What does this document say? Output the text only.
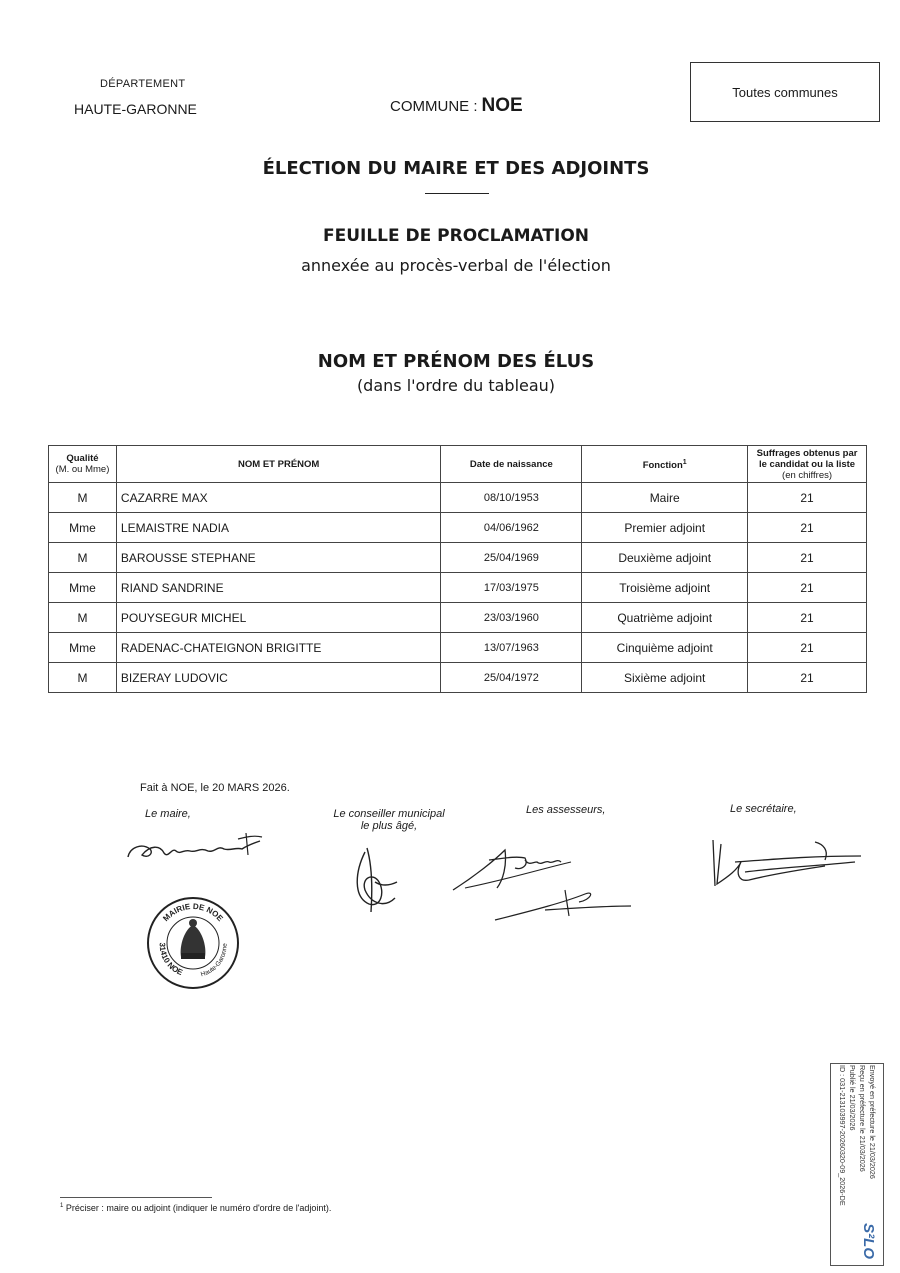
DÉPARTEMENT
HAUTE-GARONNE	COMMUNE : NOE
Toutes communes
ÉLECTION DU MAIRE ET DES ADJOINTS
FEUILLE DE PROCLAMATION
annexée au procès-verbal de l'élection
NOM ET PRÉNOM DES ÉLUS
(dans l'ordre du tableau)
Qualité
(M. ou Mme)	NOM ET PRÉNOM	Date de naissance	Fonction$^1$	Suffrages obtenus par
le candidat ou la liste
(en chiffres)
M	CAZARRE MAX	08/10/1953	Maire	21
Mme	LEMAISTRE NADIA	04/06/1962	Premier adjoint	21
M	BAROUSSE STEPHANE	25/04/1969	Deuxième adjoint	21
Mme	RIAND SANDRINE	17/03/1975	Troisième adjoint	21
M	POUYSEGUR MICHEL	23/03/1960	Quatrième adjoint	21
Mme	RADENAC-CHATEIGNON BRIGITTE	13/07/1963	Cinquième adjoint	21
M	BIZERAY LUDOVIC	25/04/1972	Sixième adjoint	21
Fait à NOE, le 20 MARS 2026.
Le maire,	Le conseiller municipal
le plus âgé,
Les assesseurs,	Le secrétaire,
MAIRIE DE NOE
31410 NOE Haute-Garonne
$^1$ Préciser : maire ou adjoint (indiquer le numéro d'ordre de l'adjoint).
Envoyé en préfecture le 21/03/2026
Reçu en préfecture le 21/03/2026
Publié le 21/03/2026
ID : 031-213103997-20260320-09_2026-DE
S²LO
